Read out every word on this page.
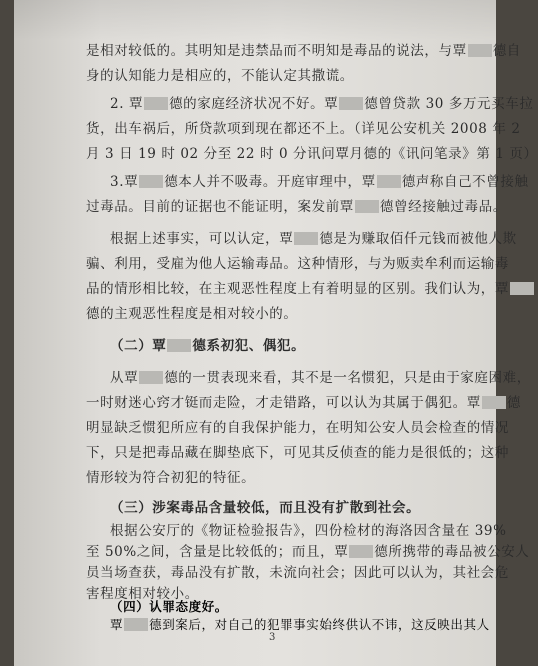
是相对较低的。其明知是违禁品而不明知是毒品的说法，与覃 德自
身的认知能力是相应的，不能认定其撒谎。
2. 覃 德的家庭经济状况不好。覃 德曾贷款 30 多万元买车拉
货，出车祸后，所贷款项到现在都还不上。（详见公安机关 2008 年 2
月 3 日 19 时 02 分至 22 时 0 分讯问覃月德的《讯问笔录》第 1 页）
3.覃 德本人并不吸毒。开庭审理中，覃 德声称自己不曾接触
过毒品。目前的证据也不能证明，案发前覃 德曾经接触过毒品。
根据上述事实，可以认定，覃 德是为赚取佰仟元钱而被他人欺
骗、利用，受雇为他人运输毒品。这种情形，与为贩卖牟利而运输毒
品的情形相比较，在主观恶性程度上有着明显的区别。我们认为，覃
德的主观恶性程度是相对较小的。
（二）覃 德系初犯、偶犯。
从覃 德的一贯表现来看，其不是一名惯犯，只是由于家庭困难，
一时财迷心窍才铤而走险，才走错路，可以认为其属于偶犯。覃 德
明显缺乏惯犯所应有的自我保护能力，在明知公安人员会检查的情况
下，只是把毒品藏在脚垫底下，可见其反侦查的能力是很低的；这种
情形较为符合初犯的特征。
（三）涉案毒品含量较低，而且没有扩散到社会。
根据公安厅的《物证检验报告》，四份检材的海洛因含量在 39%
至 50%之间，含量是比较低的；而且，覃 德所携带的毒品被公安人
员当场查获，毒品没有扩散，未流向社会；因此可以认为，其社会危
害程度相对较小。
3
（四）认罪态度好。
覃 德到案后，对自己的犯罪事实始终供认不讳，这反映出其人
